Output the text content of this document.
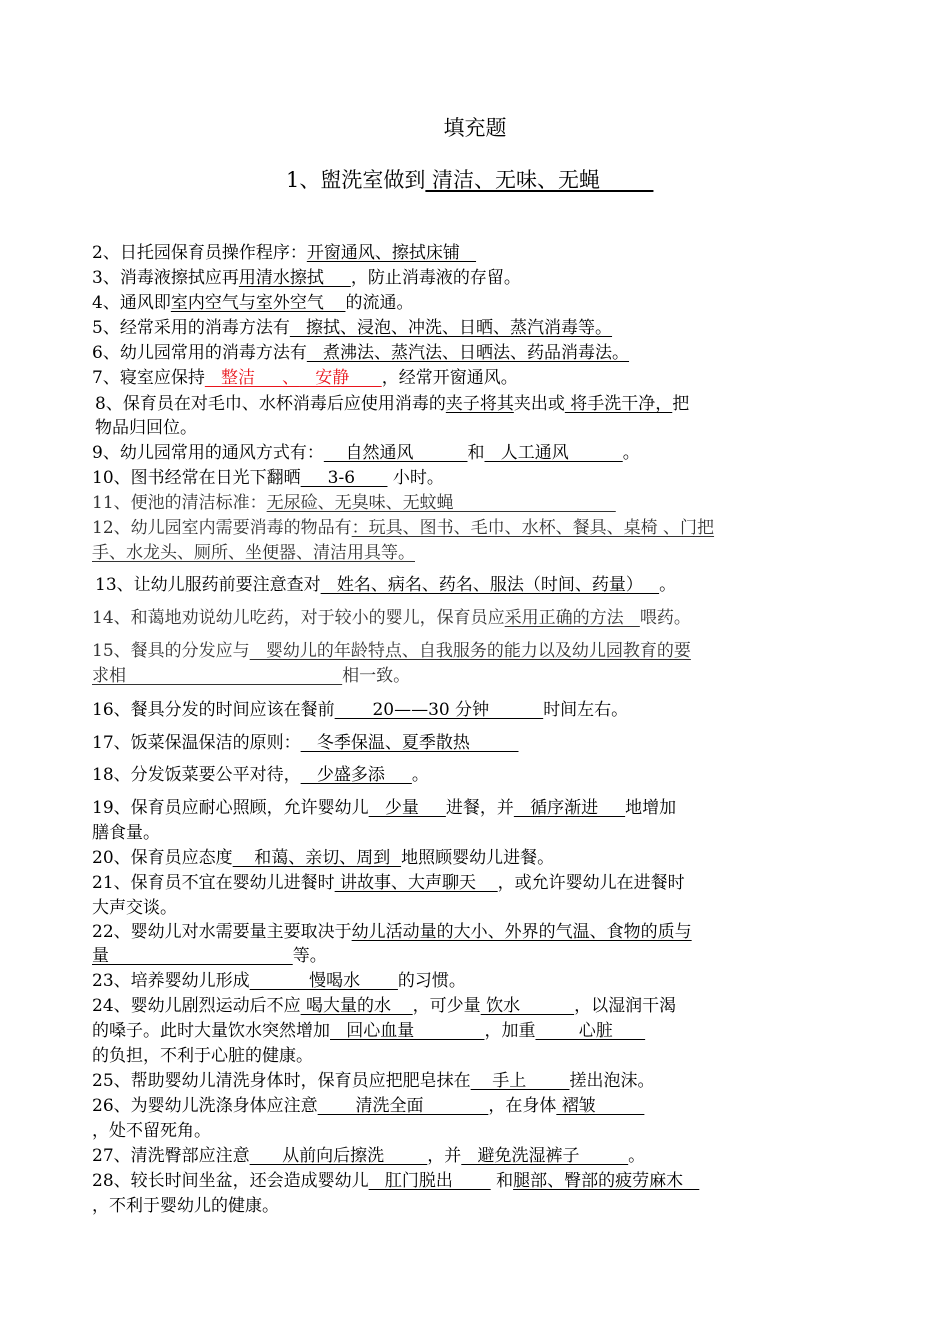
填充题
1、盥洗室做到 清洁、无味、无蝇
2、日托园保育员操作程序：开窗通风、擦拭床铺
3、消毒液擦拭应再用清水擦拭     ，防止消毒液的存留。
4、通风即室内空气与室外空气    的流通。
5、经常采用的消毒方法有   擦拭、浸泡、冲洗、日晒、蒸汽消毒等。
6、幼儿园常用的消毒方法有   煮沸法、蒸汽法、日晒法、药品消毒法。
7、寝室应保持   整洁     、   安静      ，经常开窗通风。
8、保育员在对毛巾、水杯消毒后应使用消毒的夹子将其夹出或 将手洗干净，把
物品归回位。
9、幼儿园常用的通风方式有：    自然通风          和   人工通风          。
10、图书经常在日光下翻晒     3-6       小时。
11、便池的清洁标准：无尿硷、无臭味、无蚊蝇
12、幼儿园室内需要消毒的物品有：玩具、图书、毛巾、水杯、餐具、桌椅 、门把
手、水龙头、厕所、坐便器、清洁用具等。
13、让幼儿服药前要注意查对   姓名、病名、药名、服法（时间、药量）   。
14、和蔼地劝说幼儿吃药，对于较小的婴儿，保育员应采用正确的方法   喂药。
15、餐具的分发应与   婴幼儿的年龄特点、自我服务的能力以及幼儿园教育的要
求相                                        相一致。
16、餐具分发的时间应该在餐前       20——30 分钟          时间左右。
17、饭菜保温保洁的原则：   冬季保温、夏季散热
18、分发饭菜要公平对待，   少盛多添     。
19、保育员应耐心照顾，允许婴幼儿   少量     进餐，并   循序渐进     地增加
膳食量。
20、保育员应态度    和蔼、亲切、周到  地照顾婴幼儿进餐。
21、保育员不宜在婴幼儿进餐时 讲故事、大声聊天    ，或允许婴幼儿在进餐时
大声交谈。
22、婴幼儿对水需要量主要取决于幼儿活动量的大小、外界的气温、食物的质与
量                                  等。
23、培养婴幼儿形成           慢喝水       的习惯。
24、婴幼儿剧烈运动后不应 喝大量的水    ，可少量 饮水          ，以湿润干渴
的嗓子。此时大量饮水突然增加   回心血量             ，加重        心脏
的负担，不利于心脏的健康。
25、帮助婴幼儿清洗身体时，保育员应把肥皂抹在    手上        搓出泡沫。
26、为婴幼儿洗涤身体应注意       清洗全面            ，在身体 褶皱
，处不留死角。
27、清洗臀部应注意      从前向后擦洗        ，并   避免洗湿裤子         。
28、较长时间坐盆，还会造成婴幼儿   肛门脱出        和腿部、臀部的疲劳麻木
，不利于婴幼儿的健康。
